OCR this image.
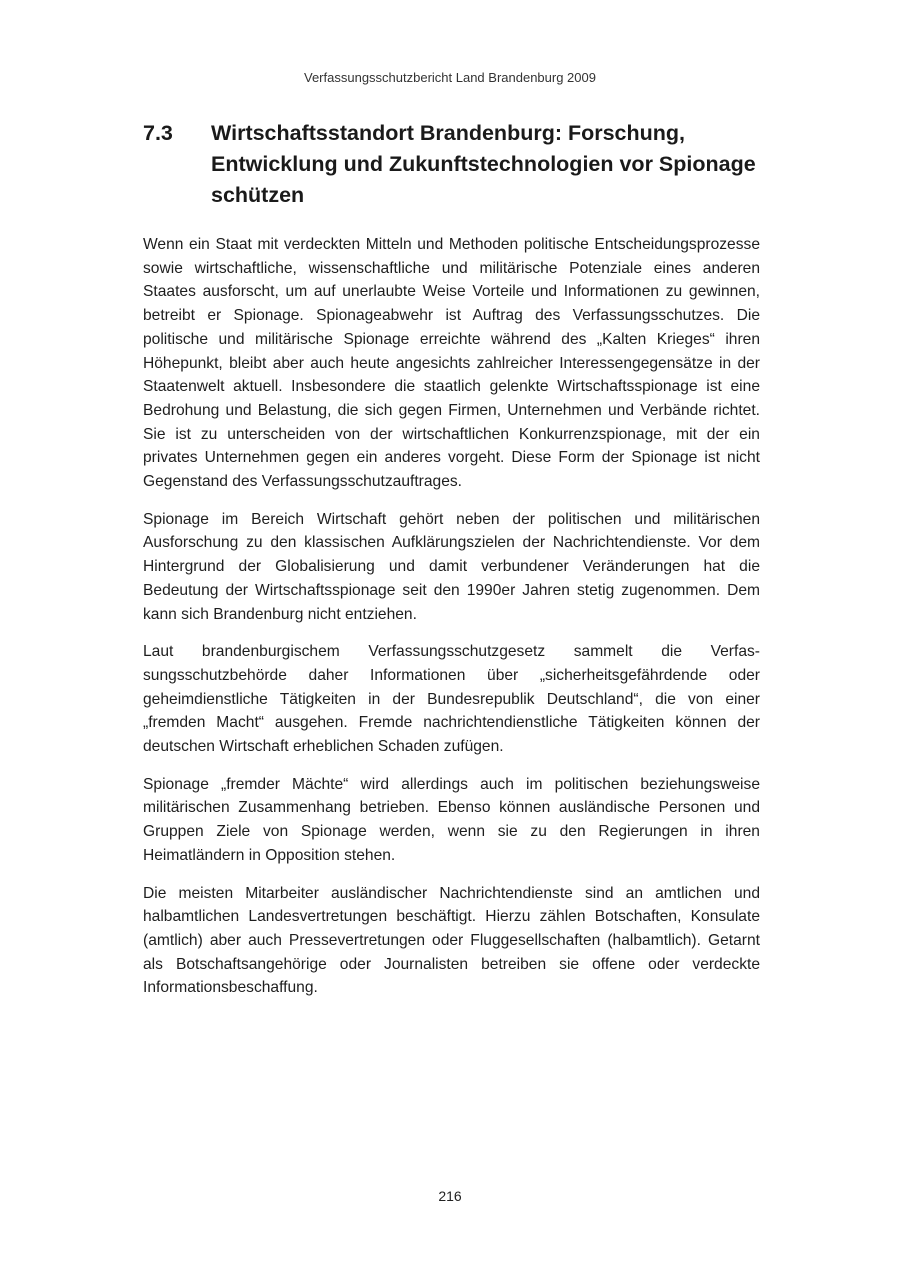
Verfassungsschutzbericht Land Brandenburg 2009
7.3	Wirtschaftsstandort Brandenburg: Forschung, Entwicklung und Zukunftstechnologien vor Spionage schützen

Wenn ein Staat mit verdeckten Mitteln und Methoden politische Entscheidungsprozesse sowie wirtschaftliche, wissenschaftliche und militärische Potenziale eines anderen Staates ausforscht, um auf unerlaubte Weise Vorteile und Informationen zu gewinnen, betreibt er Spionage. Spionageabwehr ist Auftrag des Verfassungsschutzes. Die politische und militärische Spionage erreichte während des „Kalten Krieges“ ihren Höhepunkt, bleibt aber auch heute angesichts zahlreicher Interessengegensätze in der Staatenwelt aktuell. Insbesondere die staatlich gelenkte Wirtschaftsspionage ist eine Bedrohung und Belastung, die sich gegen Firmen, Unternehmen und Verbände richtet. Sie ist zu unterscheiden von der wirtschaftlichen Konkurrenzspionage, mit der ein privates Unternehmen gegen ein anderes vorgeht. Diese Form der Spionage ist nicht Gegenstand des Verfassungsschutzauftrages.

Spionage im Bereich Wirtschaft gehört neben der politischen und militärischen Ausforschung zu den klassischen Aufklärungszielen der Nachrichtendienste. Vor dem Hintergrund der Globalisierung und damit verbundener Veränderungen hat die Bedeutung der Wirtschaftsspionage seit den 1990er Jahren stetig zugenommen. Dem kann sich Brandenburg nicht entziehen.

Laut brandenburgischem Verfassungsschutzgesetz sammelt die Verfassungsschutzbehörde daher Informationen über „sicherheitsgefährdende oder geheimdienstliche Tätigkeiten in der Bundesrepublik Deutschland“, die von einer „fremden Macht“ ausgehen. Fremde nachrichtendienstliche Tätigkeiten können der deutschen Wirtschaft erheblichen Schaden zufügen.

Spionage „fremder Mächte“ wird allerdings auch im politischen beziehungsweise militärischen Zusammenhang betrieben. Ebenso können ausländische Personen und Gruppen Ziele von Spionage werden, wenn sie zu den Regierungen in ihren Heimatländern in Opposition stehen.

Die meisten Mitarbeiter ausländischer Nachrichtendienste sind an amtlichen und halbamtlichen Landesvertretungen beschäftigt. Hierzu zählen Botschaften, Konsulate (amtlich) aber auch Pressevertretungen oder Fluggesellschaften (halbamtlich). Getarnt als Botschaftsangehörige oder Journalisten betreiben sie offene oder verdeckte Informationsbeschaffung.

216
